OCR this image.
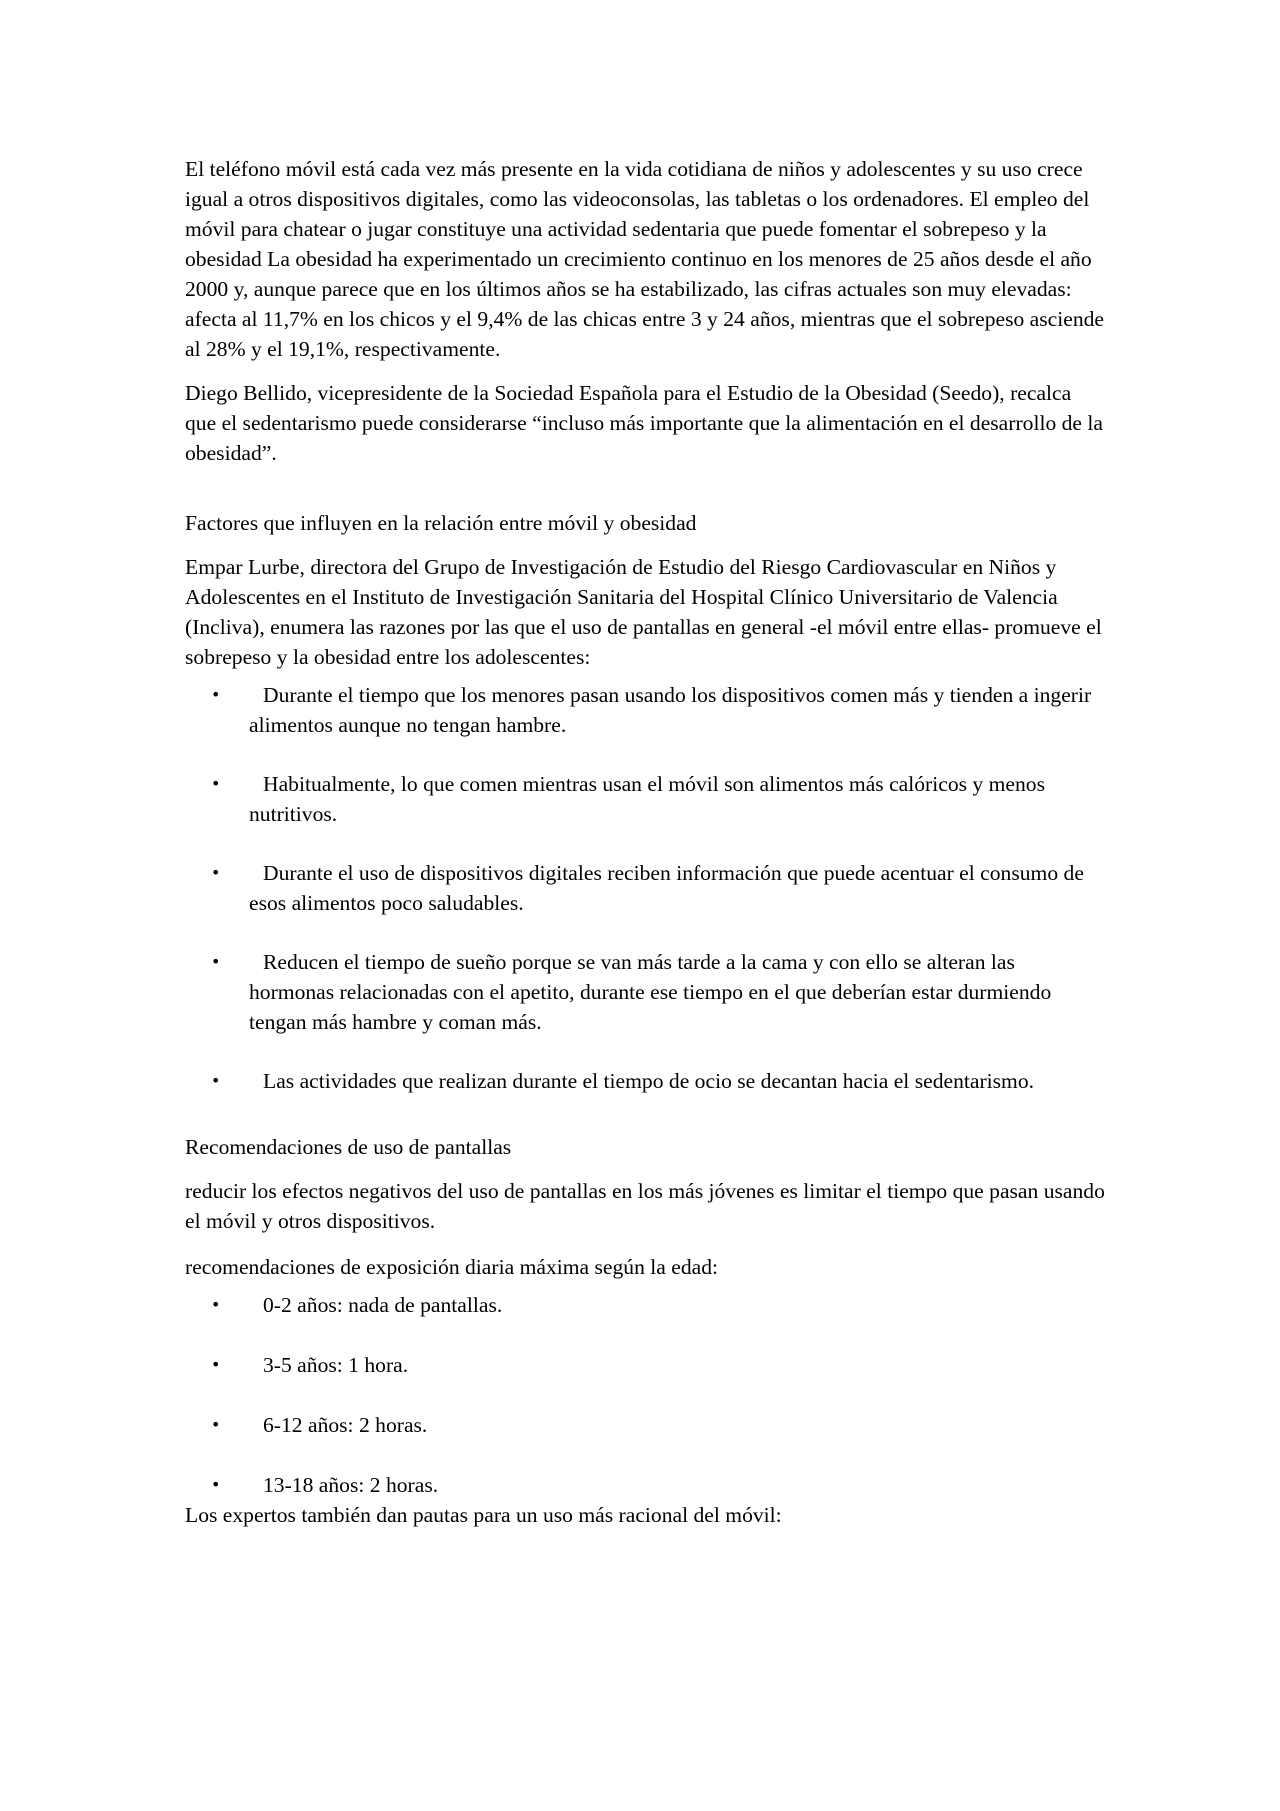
El teléfono móvil está cada vez más presente en la vida cotidiana de niños y adolescentes y su uso crece igual a otros dispositivos digitales, como las videoconsolas, las tabletas o los ordenadores. El empleo del móvil para chatear o jugar constituye una actividad sedentaria que puede fomentar el sobrepeso y la obesidad La obesidad ha experimentado un crecimiento continuo en los menores de 25 años desde el año 2000 y, aunque parece que en los últimos años se ha estabilizado, las cifras actuales son muy elevadas: afecta al 11,7% en los chicos y el 9,4% de las chicas entre 3 y 24 años, mientras que el sobrepeso asciende al 28% y el 19,1%, respectivamente.

Diego Bellido, vicepresidente de la Sociedad Española para el Estudio de la Obesidad (Seedo), recalca que el sedentarismo puede considerarse “incluso más importante que la alimentación en el desarrollo de la obesidad”.

Factores que influyen en la relación entre móvil y obesidad

Empar Lurbe, directora del Grupo de Investigación de Estudio del Riesgo Cardiovascular en Niños y Adolescentes en el Instituto de Investigación Sanitaria del Hospital Clínico Universitario de Valencia (Incliva), enumera las razones por las que el uso de pantallas en general -el móvil entre ellas- promueve el sobrepeso y la obesidad entre los adolescentes:

•	Durante el tiempo que los menores pasan usando los dispositivos comen más y tienden a ingerir alimentos aunque no tengan hambre.
•	Habitualmente, lo que comen mientras usan el móvil son alimentos más calóricos y menos nutritivos.
•	Durante el uso de dispositivos digitales reciben información que puede acentuar el consumo de esos alimentos poco saludables.
•	Reducen el tiempo de sueño porque se van más tarde a la cama y con ello se alteran las hormonas relacionadas con el apetito, durante ese tiempo en el que deberían estar durmiendo tengan más hambre y coman más.
•	Las actividades que realizan durante el tiempo de ocio se decantan hacia el sedentarismo.

Recomendaciones de uso de pantallas

reducir los efectos negativos del uso de pantallas en los más jóvenes es limitar el tiempo que pasan usando el móvil y otros dispositivos.

recomendaciones de exposición diaria máxima según la edad:

• 0-2 años: nada de pantallas.
• 3-5 años: 1 hora.
• 6-12 años: 2 horas.
• 13-18 años: 2 horas.

Los expertos también dan pautas para un uso más racional del móvil:
